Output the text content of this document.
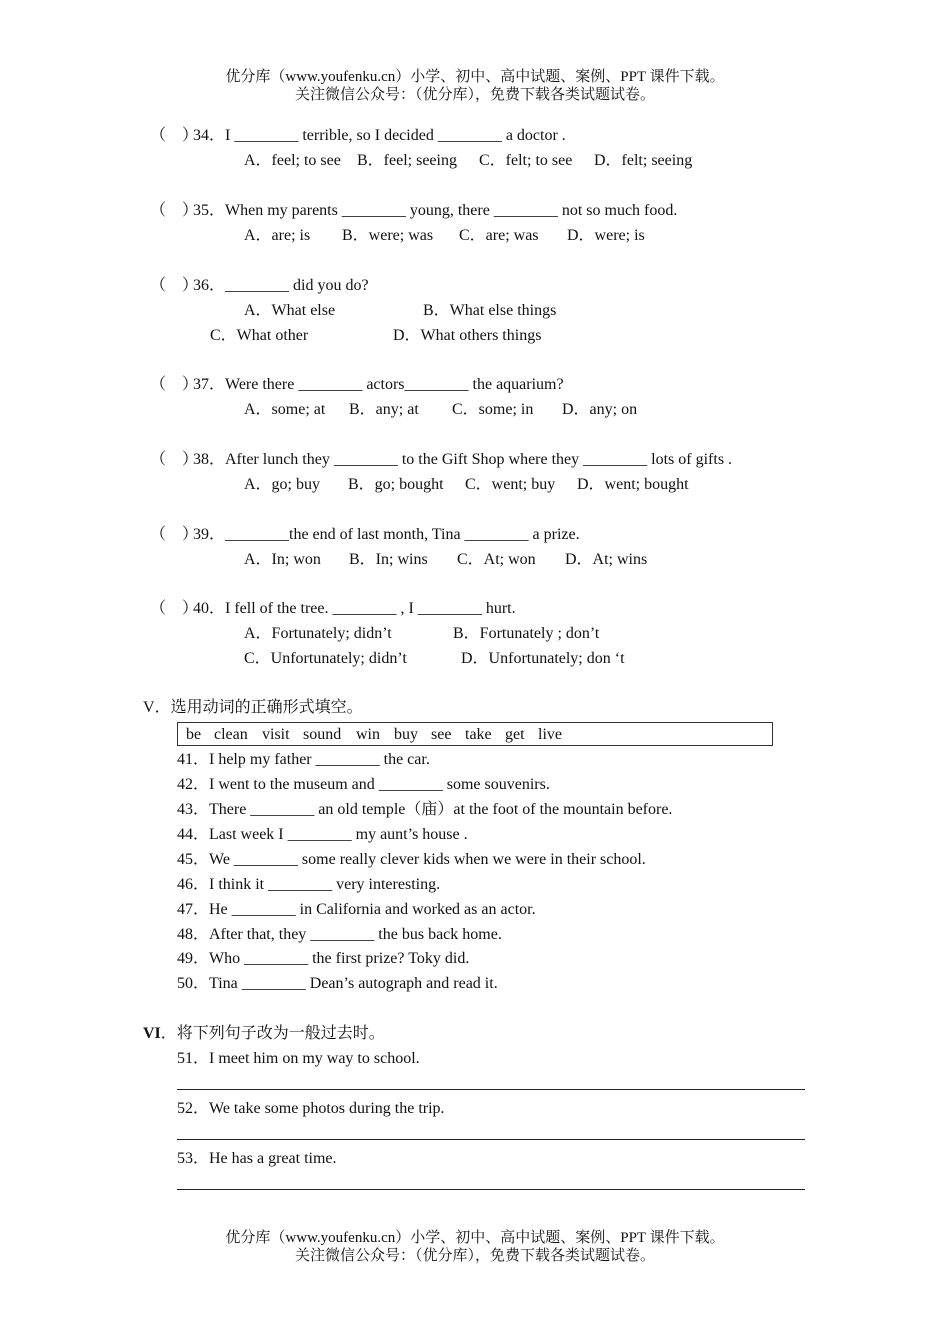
优分库（www.youfenku.cn）小学、初中、高中试题、案例、PPT 课件下载。
关注微信公众号：（优分库），免费下载各类试题试卷。
（　）
34．I ________ terrible, so I decided ________ a doctor .
A．feel; to see B．feel; seeing C．felt; to see D．felt; seeing
（　）
35．When my parents ________ young, there ________ not so much food.
A．are; is B．were; was C．are; was D．were; is
（　）
36．________ did you do?
A．What else	B．What else things
C．What other	D．What others things
（　）
37．Were there ________ actors________ the aquarium?
A．some; at B．any; at C．some; in D．any; on
（　）
38．After lunch they ________ to the Gift Shop where they ________ lots of gifts .
A．go; buy B．go; bought C．went; buy D．went; bought
（　）
39．________the end of last month, Tina ________ a prize.
A．In; won B．In; wins C．At; won D．At; wins
（　）
40．I fell of the tree. ________ , I ________ hurt.
A．Fortunately; didn’t	B．Fortunately ; don’t
C．Unfortunately; didn’t	D．Unfortunately; don ‘t
V．选用动词的正确形式填空。
be clean visit sound win buy see take get live
41．I help my father ________ the car.
42．I went to the museum and ________ some souvenirs.
43．There ________ an old temple（庙）at the foot of the mountain before.
44．Last week I ________ my aunt’s house .
45．We ________ some really clever kids when we were in their school.
46．I think it ________ very interesting.
47．He ________ in California and worked as an actor.
48．After that, they ________ the bus back home.
49．Who ________ the first prize? Toky did.
50．Tina ________ Dean’s autograph and read it.
VI．将下列句子改为一般过去时。
51．I meet him on my way to school.
52．We take some photos during the trip.
53．He has a great time.
优分库（www.youfenku.cn）小学、初中、高中试题、案例、PPT 课件下载。
关注微信公众号：（优分库），免费下载各类试题试卷。
